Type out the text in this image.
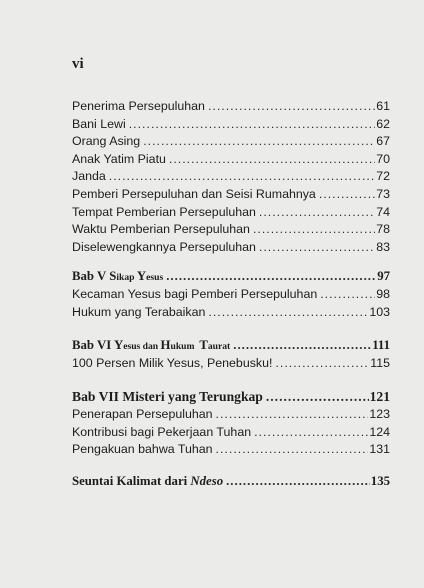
vi
Penerima Persepuluhan .....	61
Bani Lewi .....	62
Orang Asing .....	67
Anak Yatim Piatu .....	70
Janda .....	72
Pemberi Persepuluhan dan Seisi Rumahnya .....	73
Tempat Pemberian Persepuluhan .....	74
Waktu Pemberian Persepuluhan .....	78
Diselewengkannya Persepuluhan .....	83
Bab V Sikap Yesus .....	97
Kecaman Yesus bagi Pemberi Persepuluhan .....	98
Hukum yang Terabaikan .....	103
Bab VI Yesus dan Hukum  Taurat .....	111
100 Persen Milik Yesus, Penebusku! .....	115
Bab VII Misteri yang Terungkap .....	121
Penerapan Persepuluhan .....	123
Kontribusi bagi Pekerjaan Tuhan .....	124
Pengakuan bahwa Tuhan .....	131
Seuntai Kalimat dari Ndeso .....	135
